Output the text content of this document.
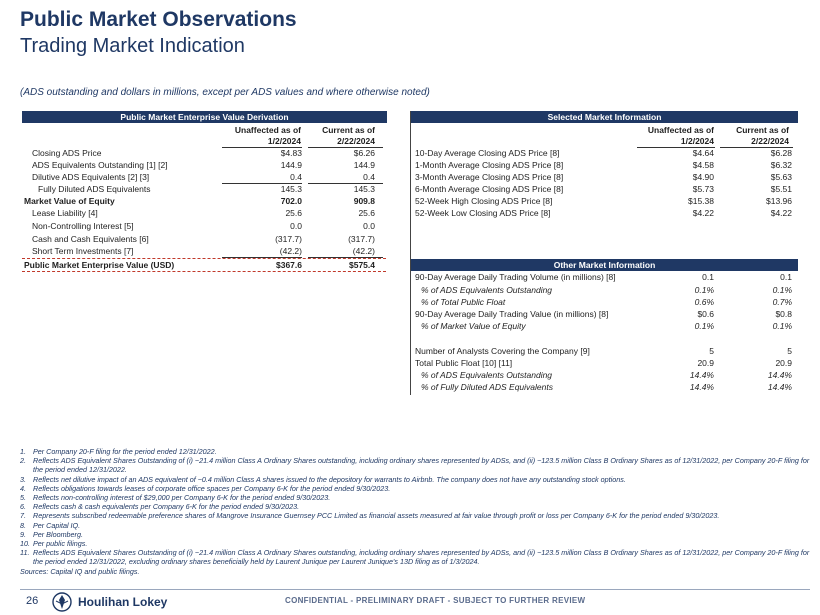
Public Market Observations
Trading Market Indication
(ADS outstanding and dollars in millions, except per ADS values and where otherwise noted)
Public Market Enterprise Value Derivation
Unaffected as of
1/2/2024
Current as of
2/22/2024
Closing ADS Price	$4.83	$6.26
ADS Equivalents Outstanding [1] [2]	144.9	144.9
Dilutive ADS Equivalents [2] [3]	0.4	0.4
Fully Diluted ADS Equivalents	145.3	145.3
Market Value of Equity	702.0	909.8
Lease Liability [4]	25.6	25.6
Non-Controlling Interest [5]	0.0	0.0
Cash and Cash Equivalents [6]	(317.7)	(317.7)
Short Term Investments [7]	(42.2)	(42.2)
Public Market Enterprise Value (USD)	$367.6	$575.4
Selected Market Information
Unaffected as of
1/2/2024
Current as of
2/22/2024
10-Day Average Closing ADS Price [8]	$4.64	$6.28
1-Month Average Closing ADS Price [8]	$4.58	$6.32
3-Month Average Closing ADS Price [8]	$4.90	$5.63
6-Month Average Closing ADS Price [8]	$5.73	$5.51
52-Week High Closing ADS Price [8]	$15.38	$13.96
52-Week Low Closing ADS Price [8]	$4.22	$4.22
Other Market Information
90-Day Average Daily Trading Volume (in millions) [8]	0.1	0.1
% of ADS Equivalents Outstanding	0.1%	0.1%
% of Total Public Float	0.6%	0.7%
90-Day Average Daily Trading Value (in millions) [8]	$0.6	$0.8
% of Market Value of Equity	0.1%	0.1%
Number of Analysts Covering the Company [9]	5	5
Total Public Float [10] [11]	20.9	20.9
% of ADS Equivalents Outstanding	14.4%	14.4%
% of Fully Diluted ADS Equivalents	14.4%	14.4%
1. Per Company 20-F filing for the period ended 12/31/2022.
2. Reflects ADS Equivalent Shares Outstanding of (i) ~21.4 million Class A Ordinary Shares outstanding, including ordinary shares represented by ADSs, and (ii) ~123.5 million Class B Ordinary Shares as of 12/31/2022, per Company 20-F filing for the period ended 12/31/2022.
3. Reflects net dilutive impact of an ADS equivalent of ~0.4 million Class A shares issued to the depository for warrants to Airbnb. The company does not have any outstanding stock options.
4. Reflects obligations towards leases of corporate office spaces per Company 6-K for the period ended 9/30/2023.
5. Reflects non-controlling interest of $29,000 per Company 6-K for the period ended 9/30/2023.
6. Reflects cash & cash equivalents per Company 6-K for the period ended 9/30/2023.
7. Represents subscribed redeemable preference shares of Mangrove Insurance Guernsey PCC Limited as financial assets measured at fair value through profit or loss per Company 6-K for the period ended 9/30/2023.
8. Per Capital IQ.
9. Per Bloomberg.
10. Per public filings.
11. Reflects ADS Equivalent Shares Outstanding of (i) ~21.4 million Class A Ordinary Shares outstanding, including ordinary shares represented by ADSs, and (ii) ~123.5 million Class B Ordinary Shares as of 12/31/2022, per Company 20-F filing for the period ended 12/31/2022, excluding ordinary shares beneficially held by Laurent Junique per Laurent Junique's 13D filing as of 1/3/2024.
Sources: Capital IQ and public filings.
26	Houlihan Lokey	CONFIDENTIAL - PRELIMINARY DRAFT - SUBJECT TO FURTHER REVIEW
